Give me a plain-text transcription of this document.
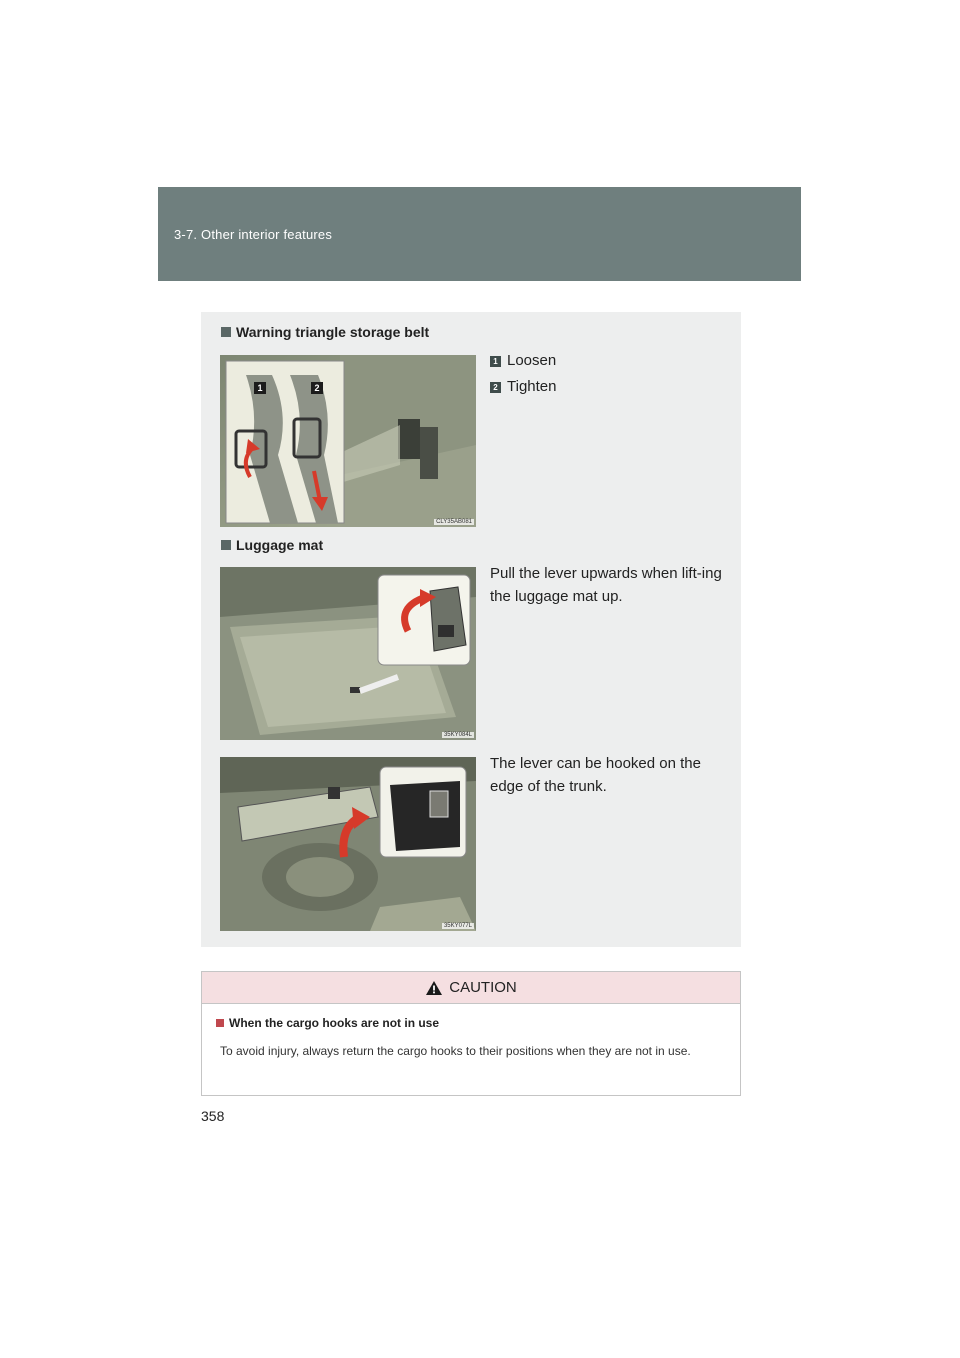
3-7. Other interior features
Warning triangle storage belt
1	2
CLY35AB081
1 Loosen
2 Tighten
Luggage mat
35KY084L
Pull the lever upwards when lift-ing the luggage mat up.
35KY077L
The lever can be hooked on the edge of the trunk.
CAUTION
When the cargo hooks are not in use
To avoid injury, always return the cargo hooks to their positions when they are not in use.
358
